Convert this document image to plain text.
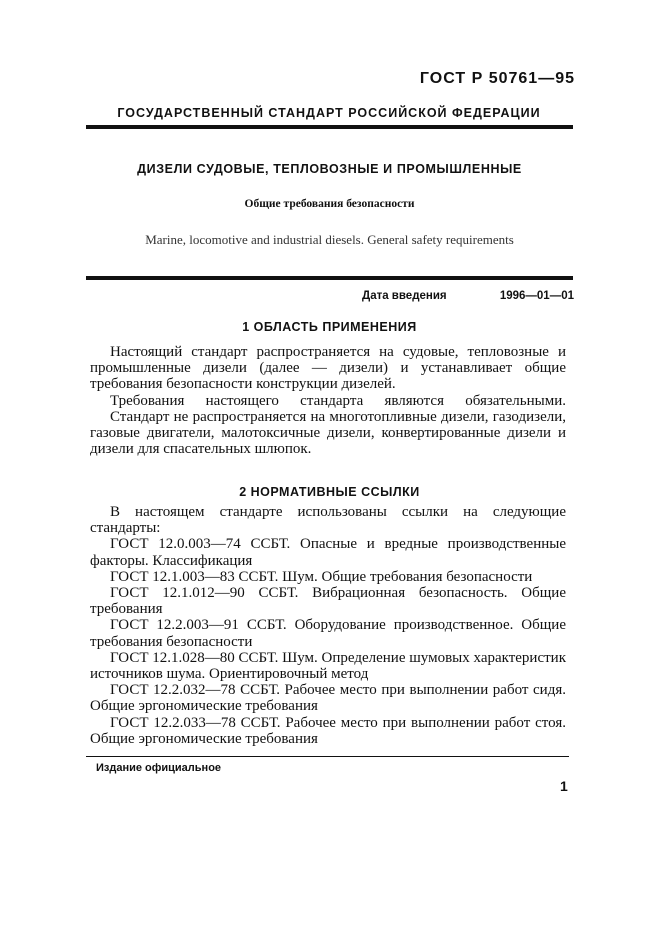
ГОСТ Р 50761—95
ГОСУДАРСТВЕННЫЙ СТАНДАРТ РОССИЙСКОЙ ФЕДЕРАЦИИ
ДИЗЕЛИ СУДОВЫЕ, ТЕПЛОВОЗНЫЕ И ПРОМЫШЛЕННЫЕ
Общие требования безопасности
Marine, locomotive and industrial diesels. General safety requirements
Дата введения	1996—01—01
1 ОБЛАСТЬ ПРИМЕНЕНИЯ

Настоящий стандарт распространяется на судовые, тепловозные и промышленные дизели (далее — дизели) и устанавливает общие требования безопасности конструкции дизелей.

Требования настоящего стандарта являются обязательными.

Стандарт не распространяется на многотопливные дизели, газодизели, газовые двигатели, малотоксичные дизели, конвертированные дизели и дизели для спасательных шлюпок.

2 НОРМАТИВНЫЕ ССЫЛКИ

В настоящем стандарте использованы ссылки на следующие стандарты:

ГОСТ 12.0.003—74 ССБТ. Опасные и вредные производственные факторы. Классификация

ГОСТ 12.1.003—83 ССБТ. Шум. Общие требования безопасности

ГОСТ 12.1.012—90 ССБТ. Вибрационная безопасность. Общие требования

ГОСТ 12.2.003—91 ССБТ. Оборудование производственное. Общие требования безопасности

ГОСТ 12.1.028—80 ССБТ. Шум. Определение шумовых характеристик источников шума. Ориентировочный метод

ГОСТ 12.2.032—78 ССБТ. Рабочее место при выполнении работ сидя. Общие эргономические требования

ГОСТ 12.2.033—78 ССБТ. Рабочее место при выполнении работ стоя. Общие эргономические требования

Издание официальное
1
